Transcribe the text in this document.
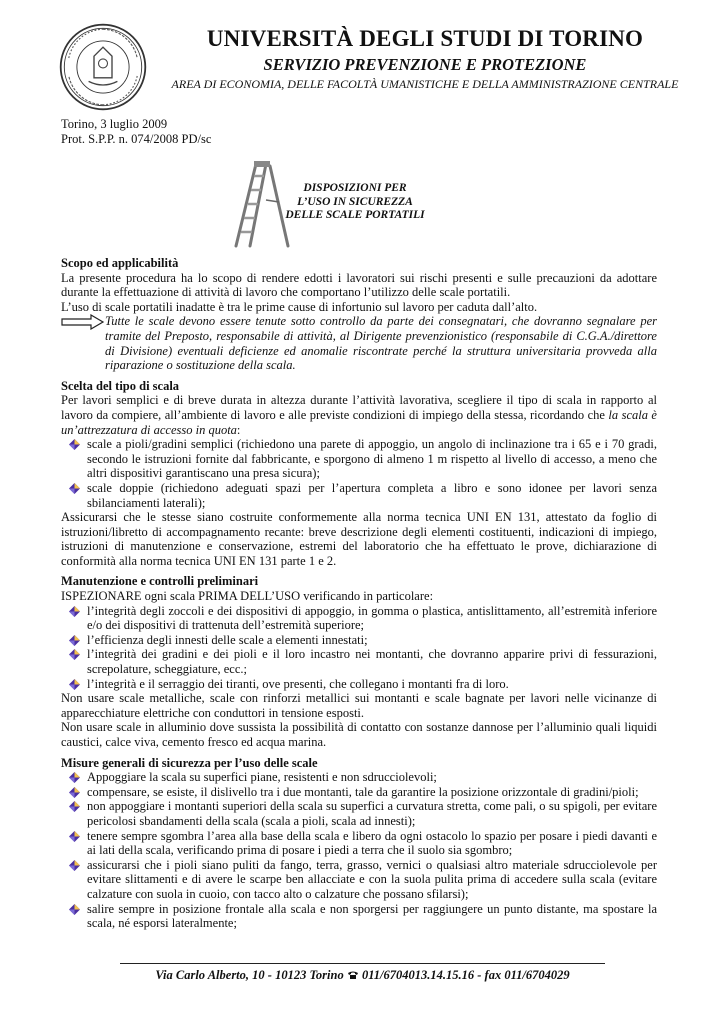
UNIVERSITÀ DEGLI STUDI DI TORINO
SERVIZIO PREVENZIONE E PROTEZIONE
AREA DI ECONOMIA, DELLE FACOLTÀ UMANISTICHE E DELLA AMMINISTRAZIONE CENTRALE
Torino, 3 luglio 2009
Prot. S.P.P. n. 074/2008 PD/sc
DISPOSIZIONI PER
L’USO IN SICUREZZA
DELLE SCALE PORTATILI

Scopo ed applicabilità

La presente procedura ha lo scopo di rendere edotti i lavoratori sui rischi presenti e sulle precauzioni da adottare durante la effettuazione di attività di lavoro che comportano l’utilizzo delle scale portatili.

L’uso di scale portatili inadatte è tra le prime cause di infortunio sul lavoro per caduta dall’alto.

Tutte le scale devono essere tenute sotto controllo da parte dei consegnatari, che dovranno segnalare per tramite del Preposto, responsabile di attività, al Dirigente prevenzionistico (responsabile di C.G.A./direttore di Divisione) eventuali deficienze ed anomalie riscontrate perché la struttura universitaria provveda alla riparazione o sostituzione della scala.

Scelta del tipo di scala

Per lavori semplici e di breve durata in altezza durante l’attività lavorativa, scegliere il tipo di scala in rapporto al lavoro da compiere, all’ambiente di lavoro e alle previste condizioni di impiego della stessa, ricordando che la scala è un’attrezzatura di accesso in quota:

scale a pioli/gradini semplici (richiedono una parete di appoggio, un angolo di inclinazione tra i 65 e i 70 gradi, secondo le istruzioni fornite dal fabbricante, e sporgono di almeno 1 m rispetto al livello di accesso, a meno che altri dispositivi garantiscano una presa sicura);
scale doppie (richiedono adeguati spazi per l’apertura completa a libro e sono idonee per lavori senza sbilanciamenti laterali);

Assicurarsi che le stesse siano costruite conformemente alla norma tecnica UNI EN 131, attestato da foglio di istruzioni/libretto di accompagnamento recante: breve descrizione degli elementi costituenti, indicazioni di impiego, istruzioni di manutenzione e conservazione, estremi del laboratorio che ha effettuato le prove, dichiarazione di conformità alla norma tecnica UNI EN 131 parte 1 e 2.

Manutenzione e controlli preliminari

ISPEZIONARE ogni scala PRIMA DELL’USO verificando in particolare:

l’integrità degli zoccoli e dei dispositivi di appoggio, in gomma o plastica, antislittamento, all’estremità inferiore e/o dei dispositivi di trattenuta dell’estremità superiore;
l’efficienza degli innesti delle scale a elementi innestati;
l’integrità dei gradini e dei pioli e il loro incastro nei montanti, che dovranno apparire privi di fessurazioni, screpolature, scheggiature, ecc.;
l’integrità e il serraggio dei tiranti, ove presenti, che collegano i montanti fra di loro.

Non usare scale metalliche, scale con rinforzi metallici sui montanti e scale bagnate per lavori nelle vicinanze di apparecchiature elettriche con conduttori in tensione esposti.

Non usare scale in alluminio dove sussista la possibilità di contatto con sostanze dannose per l’alluminio quali liquidi caustici, calce viva, cemento fresco ed acqua marina.

Misure generali di sicurezza per l’uso delle scale

Appoggiare la scala su superfici piane, resistenti e non sdrucciolevoli;
compensare, se esiste, il dislivello tra i due montanti, tale da garantire la posizione orizzontale di gradini/pioli;
non appoggiare i montanti superiori della scala su superfici a curvatura stretta, come pali, o su spigoli, per evitare pericolosi sbandamenti della scala (scala a pioli, scala ad innesti);
tenere sempre sgombra l’area alla base della scala e libero da ogni ostacolo lo spazio per posare i piedi davanti e ai lati della scala, verificando prima di posare i piedi a terra che il suolo sia sgombro;
assicurarsi che i pioli siano puliti da fango, terra, grasso, vernici o qualsiasi altro materiale sdrucciolevole per evitare slittamenti e di avere le scarpe ben allacciate e con la suola pulita prima di accedere sulla scala (evitare calzature con suola in cuoio, con tacco alto o calzature che possano sfilarsi);
salire sempre in posizione frontale alla scala e non sporgersi per raggiungere un punto distante, ma spostare la scala, né esporsi lateralmente;
Via Carlo Alberto, 10 - 10123 Torino 011/6704013.14.15.16 - fax 011/6704029
